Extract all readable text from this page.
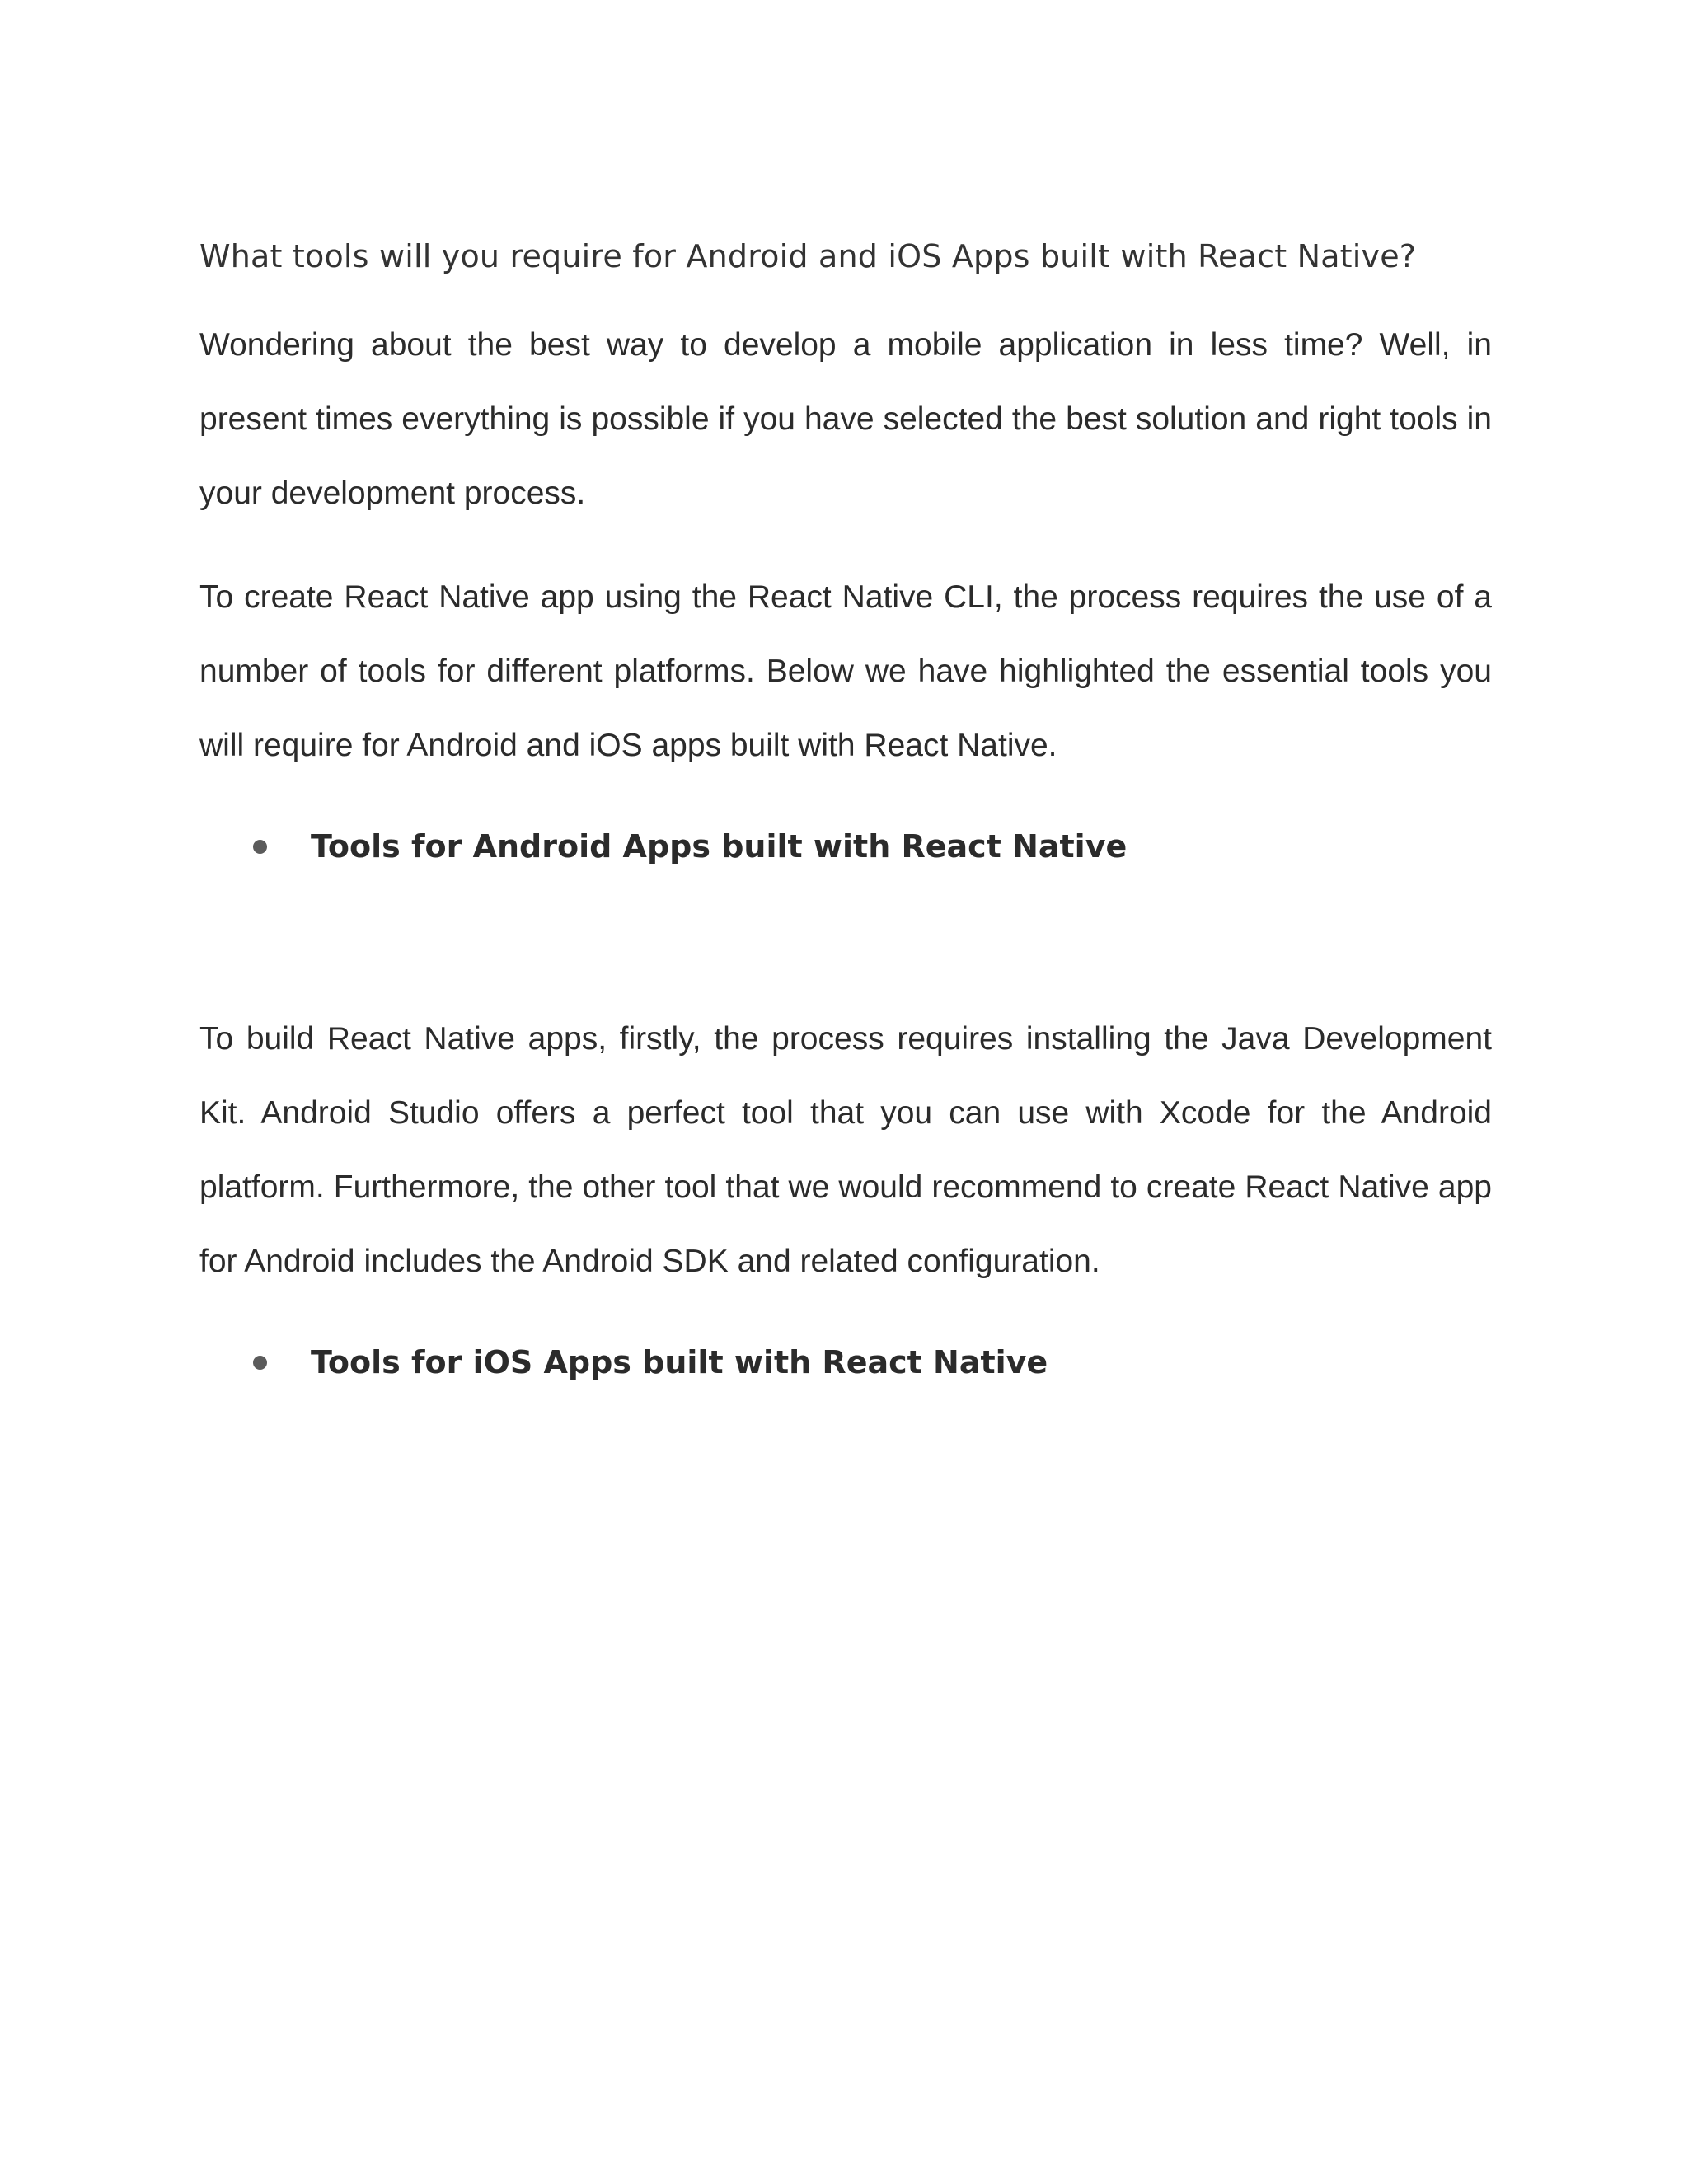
What tools will you require for Android and iOS Apps built with React Native?

Wondering about the best way to develop a mobile application in less time? Well, in present times everything is possible if you have selected the best solution and right tools in your development process.

To create React Native app using the React Native CLI, the process requires the use of a number of tools for different platforms. Below we have highlighted the essential tools you will require for Android and iOS apps built with React Native.

Tools for Android Apps built with React Native

To build React Native apps, firstly, the process requires installing the Java Development Kit. Android Studio offers a perfect tool that you can use with Xcode for the Android platform. Furthermore, the other tool that we would recommend to create React Native app for Android includes the Android SDK and related configuration.

Tools for iOS Apps built with React Native
